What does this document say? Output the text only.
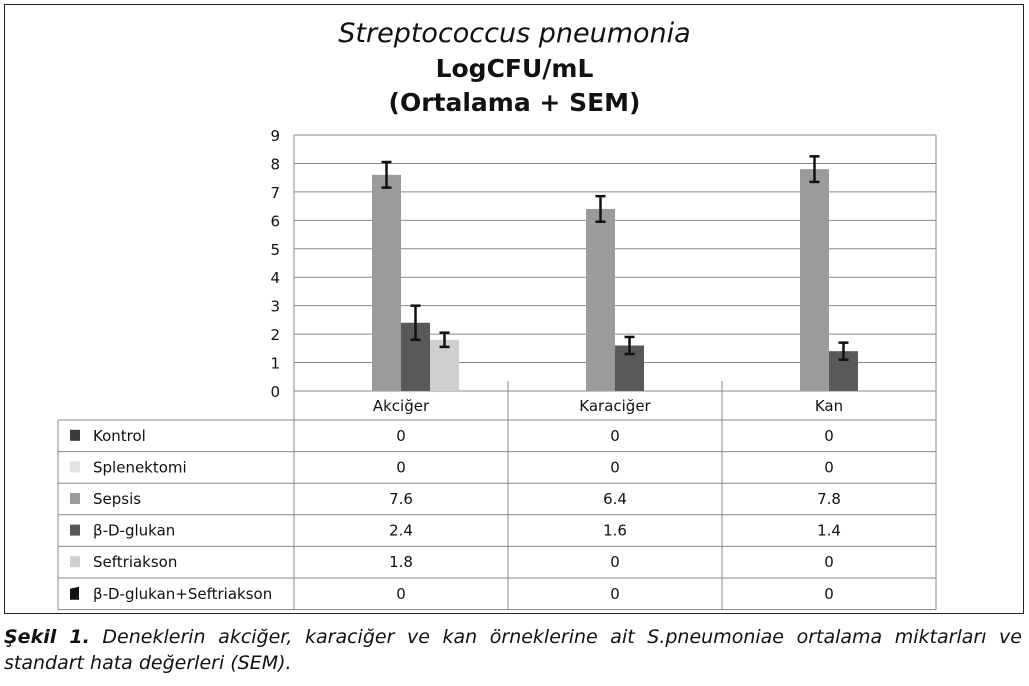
Streptococcus pneumonia
LogCFU/mL
(Ortalama + SEM)
0
1
2
3
4
5
6
7
8
9
Akciğer	Karaciğer	Kan
Kontrol	0	0	0
Splenektomi	0	0	0
Sepsis	7.6	6.4	7.8
β-D-glukan	2.4	1.6	1.4
Seftriakson	1.8	0	0
β-D-glukan+Seftriakson	0	0	0
Şekil 1. Deneklerin akciğer, karaciğer ve kan örneklerine ait S.pneumoniae ortalama miktarları ve standart hata değerleri (SEM).
